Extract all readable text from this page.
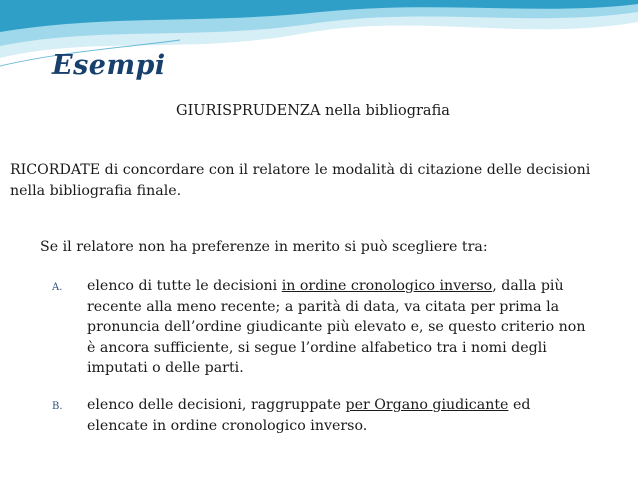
Esempi
GIURISPRUDENZA nella bibliografia
RICORDATE di concordare con il relatore le modalità di citazione delle decisioni nella bibliografia finale.
Se il relatore non ha preferenze in merito si può scegliere tra:
A.	elenco di tutte le decisioni in ordine cronologico inverso, dalla più recente alla meno recente; a parità di data, va citata per prima la pronuncia dell’ordine giudicante più elevato e, se questo criterio non è ancora sufficiente, si segue l’ordine alfabetico tra i nomi degli imputati o delle parti.
B.	elenco delle decisioni, raggruppate per Organo giudicante ed elencate in ordine cronologico inverso.
